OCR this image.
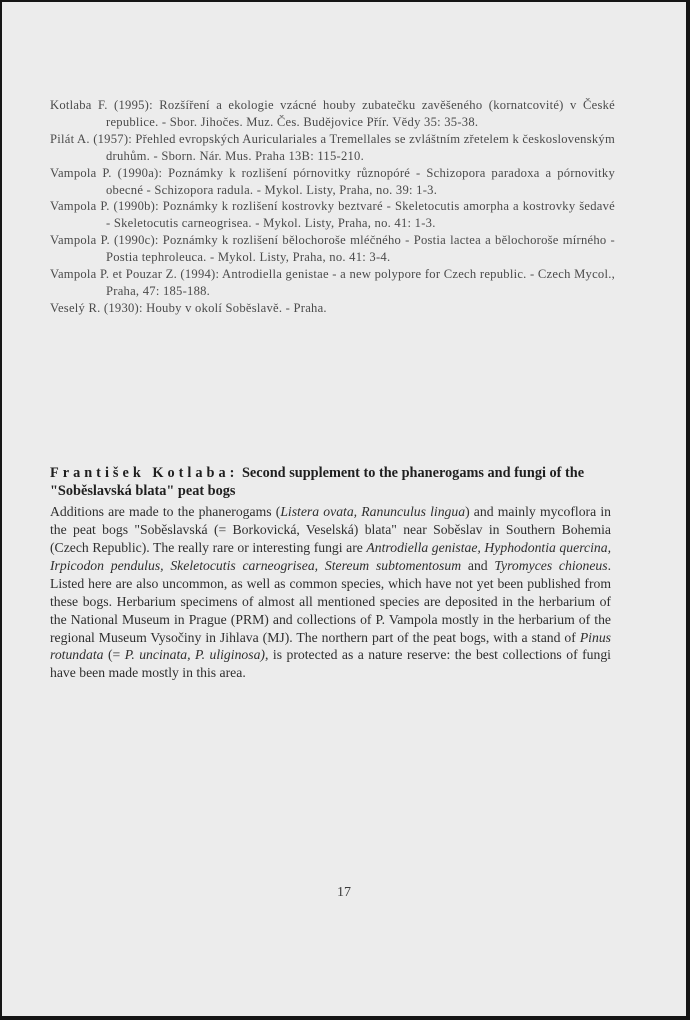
Kotlaba F. (1995): Rozšíření a ekologie vzácné houby zubatečku zavěšeného (kornatcovité) v České republice. - Sbor. Jihočes. Muz. Čes. Budějovice Přír. Vědy 35: 35-38.

Pilát A. (1957): Přehled evropských Auriculariales a Tremellales se zvláštním zřetelem k československým druhům. - Sborn. Nár. Mus. Praha 13B: 115-210.

Vampola P. (1990a): Poznámky k rozlišení pórnovitky různopóré - Schizopora paradoxa a pórnovitky obecné - Schizopora radula. - Mykol. Listy, Praha, no. 39: 1-3.

Vampola P. (1990b): Poznámky k rozlišení kostrovky beztvaré - Skeletocutis amorpha a kostrovky šedavé - Skeletocutis carneogrisea. - Mykol. Listy, Praha, no. 41: 1-3.

Vampola P. (1990c): Poznámky k rozlišení bělochoroše mléčného - Postia lactea a bělochoroše mírného - Postia tephroleuca. - Mykol. Listy, Praha, no. 41: 3-4.

Vampola P. et Pouzar Z. (1994): Antrodiella genistae - a new polypore for Czech republic. - Czech Mycol., Praha, 47: 185-188.

Veselý R. (1930): Houby v okolí Soběslavě. - Praha.

František Kotlaba: Second supplement to the phanerogams and fungi of the "Soběslavská blata" peat bogs

Additions are made to the phanerogams (Listera ovata, Ranunculus lingua) and mainly mycoflora in the peat bogs "Soběslavská (= Borkovická, Veselská) blata" near Soběslav in Southern Bohemia (Czech Republic). The really rare or interesting fungi are Antrodiella genistae, Hyphodontia quercina, Irpicodon pendulus, Skeletocutis carneogrisea, Stereum subtomentosum and Tyromyces chioneus. Listed here are also uncommon, as well as common species, which have not yet been published from these bogs. Herbarium specimens of almost all mentioned species are deposited in the herbarium of the National Museum in Prague (PRM) and collections of P. Vampola mostly in the herbarium of the regional Museum Vysočiny in Jihlava (MJ). The northern part of the peat bogs, with a stand of Pinus rotundata (= P. uncinata, P. uliginosa), is protected as a nature reserve: the best collections of fungi have been made mostly in this area.

17
